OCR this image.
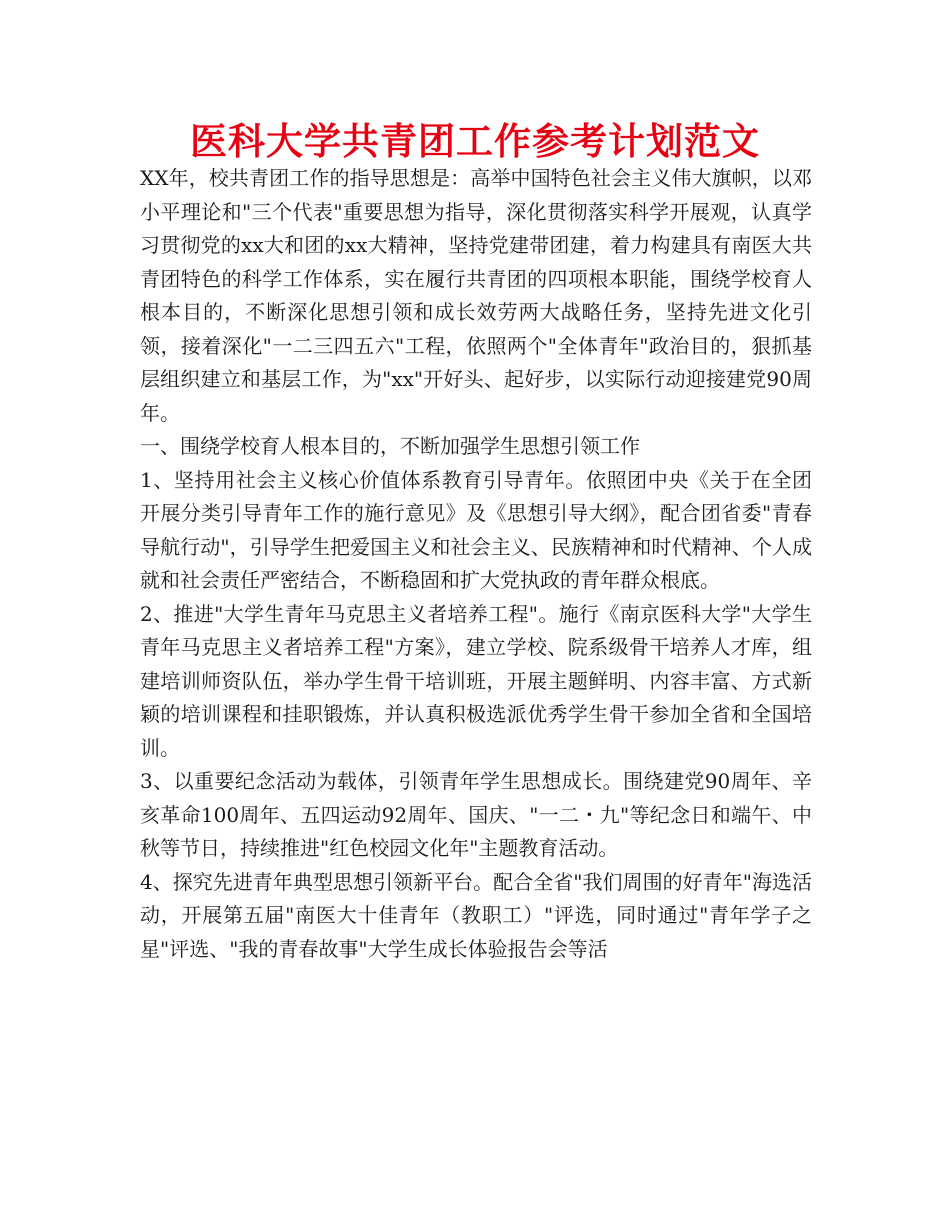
医科大学共青团工作参考计划范文

XX年，校共青团工作的指导思想是：高举中国特色社会主义伟大旗帜，以邓小平理论和"三个代表"重要思想为指导，深化贯彻落实科学开展观，认真学习贯彻党的xx大和团的xx大精神，坚持党建带团建，着力构建具有南医大共青团特色的科学工作体系，实在履行共青团的四项根本职能，围绕学校育人根本目的，不断深化思想引领和成长效劳两大战略任务，坚持先进文化引领，接着深化"一二三四五六"工程，依照两个"全体青年"政治目的，狠抓基层组织建立和基层工作，为"xx"开好头、起好步，以实际行动迎接建党90周年。

一、围绕学校育人根本目的，不断加强学生思想引领工作

1、坚持用社会主义核心价值体系教育引导青年。依照团中央《关于在全团开展分类引导青年工作的施行意见》及《思想引导大纲》，配合团省委"青春导航行动"，引导学生把爱国主义和社会主义、民族精神和时代精神、个人成就和社会责任严密结合，不断稳固和扩大党执政的青年群众根底。

2、推进"大学生青年马克思主义者培养工程"。施行《南京医科大学"大学生青年马克思主义者培养工程"方案》，建立学校、院系级骨干培养人才库，组建培训师资队伍，举办学生骨干培训班，开展主题鲜明、内容丰富、方式新颖的培训课程和挂职锻炼，并认真积极选派优秀学生骨干参加全省和全国培训。

3、以重要纪念活动为载体，引领青年学生思想成长。围绕建党90周年、辛亥革命100周年、五四运动92周年、国庆、"一二・九"等纪念日和端午、中秋等节日，持续推进"红色校园文化年"主题教育活动。

4、探究先进青年典型思想引领新平台。配合全省"我们周围的好青年"海选活动，开展第五届"南医大十佳青年（教职工）"评选，同时通过"青年学子之星"评选、"我的青春故事"大学生成长体验报告会等活
